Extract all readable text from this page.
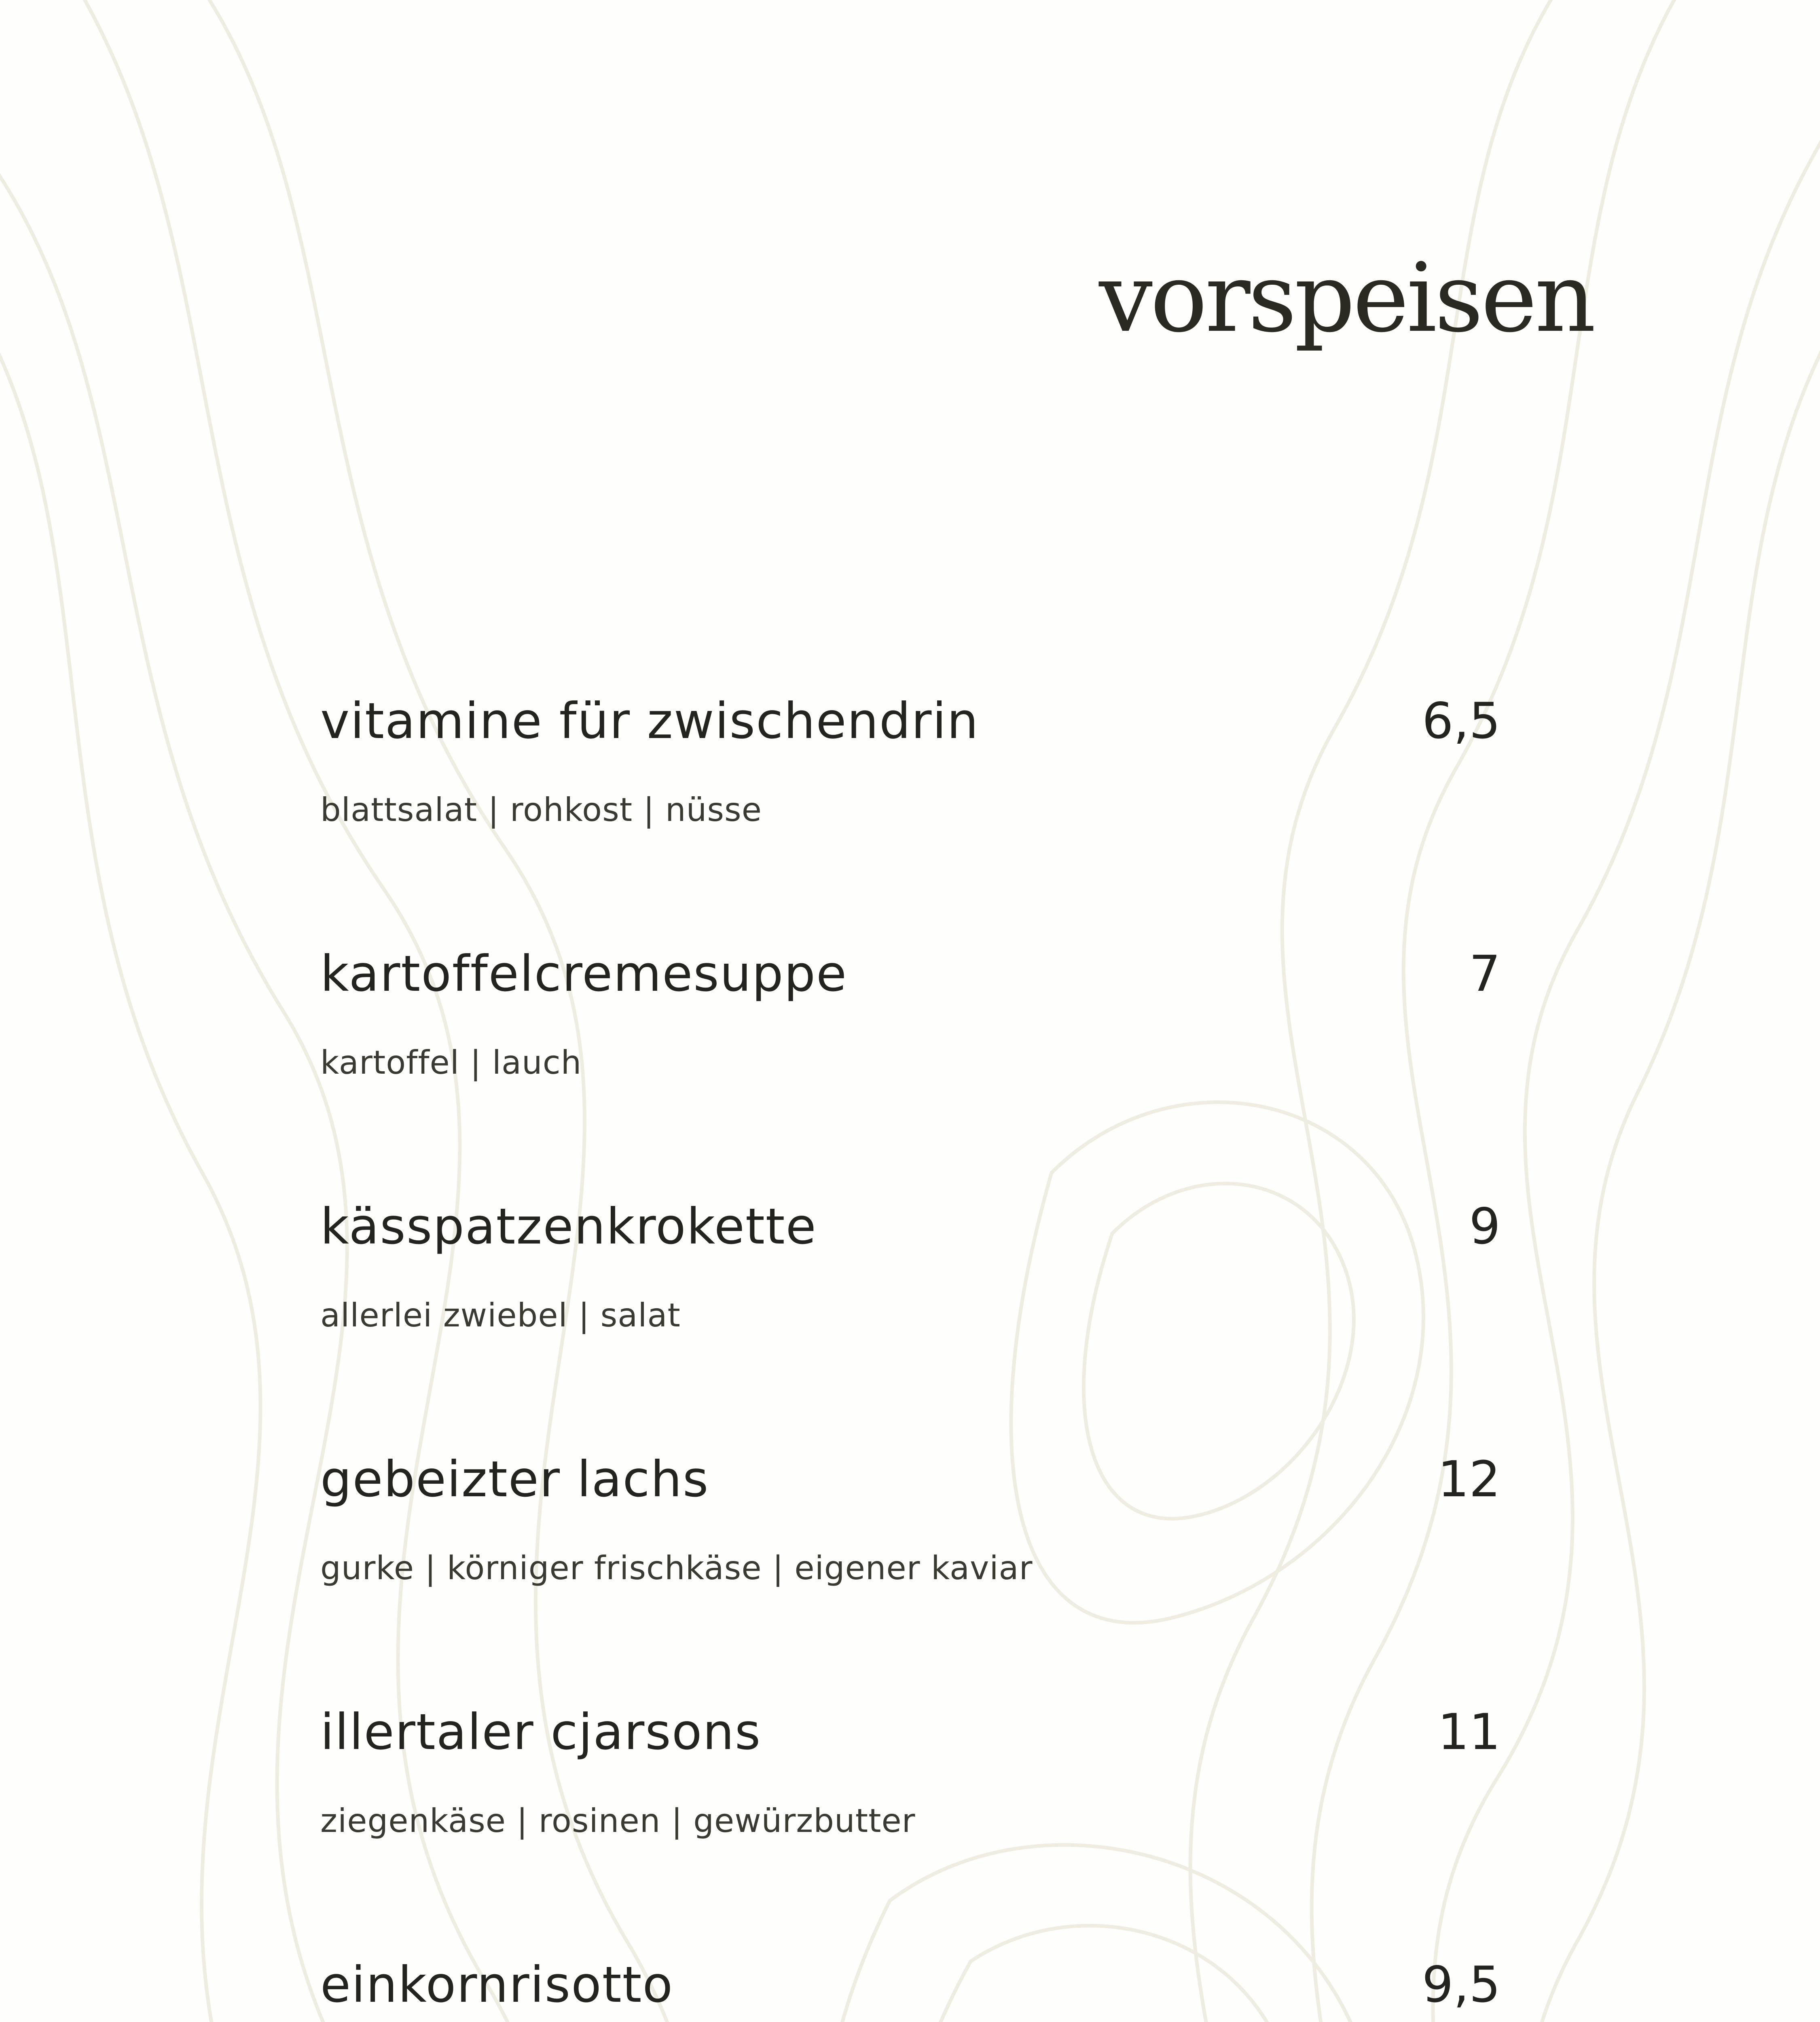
vorspeisen
vitamine für zwischendrin	6,5
blattsalat | rohkost | nüsse
kartoffelcremesuppe	7
kartoffel | lauch
kässpatzenkrokette	9
allerlei zwiebel | salat
gebeizter lachs	12
gurke | körniger frischkäse | eigener kaviar
illertaler cjarsons	11
ziegenkäse | rosinen | gewürzbutter
einkornrisotto	9,5
